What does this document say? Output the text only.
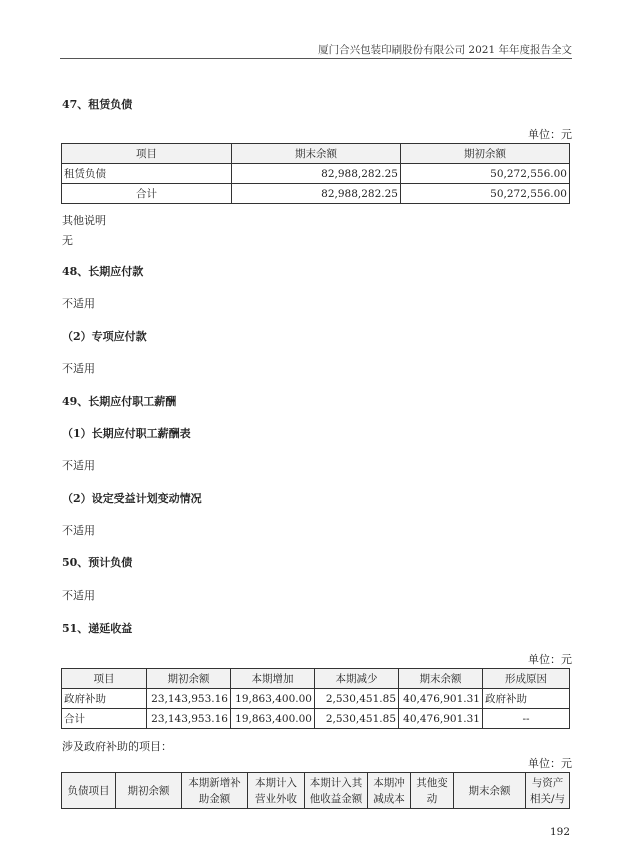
厦门合兴包装印刷股份有限公司 2021 年年度报告全文
47、租赁负债
单位：元
项目	期末余额	期初余额
租赁负债	82,988,282.25	50,272,556.00
合计	82,988,282.25	50,272,556.00
其他说明
无
48、长期应付款
不适用
（2）专项应付款
不适用
49、长期应付职工薪酬
（1）长期应付职工薪酬表
不适用
（2）设定受益计划变动情况
不适用
50、预计负债
不适用
51、递延收益
单位：元
项目	期初余额	本期增加	本期减少	期末余额	形成原因
政府补助	23,143,953.16	19,863,400.00	2,530,451.85	40,476,901.31	政府补助
合计	23,143,953.16	19,863,400.00	2,530,451.85	40,476,901.31	--
涉及政府补助的项目：
单位：元
负债项目	期初余额	本期新增补助金额	本期计入营业外收	本期计入其他收益金额	本期冲减成本	其他变动	期末余额	与资产相关/与
192
